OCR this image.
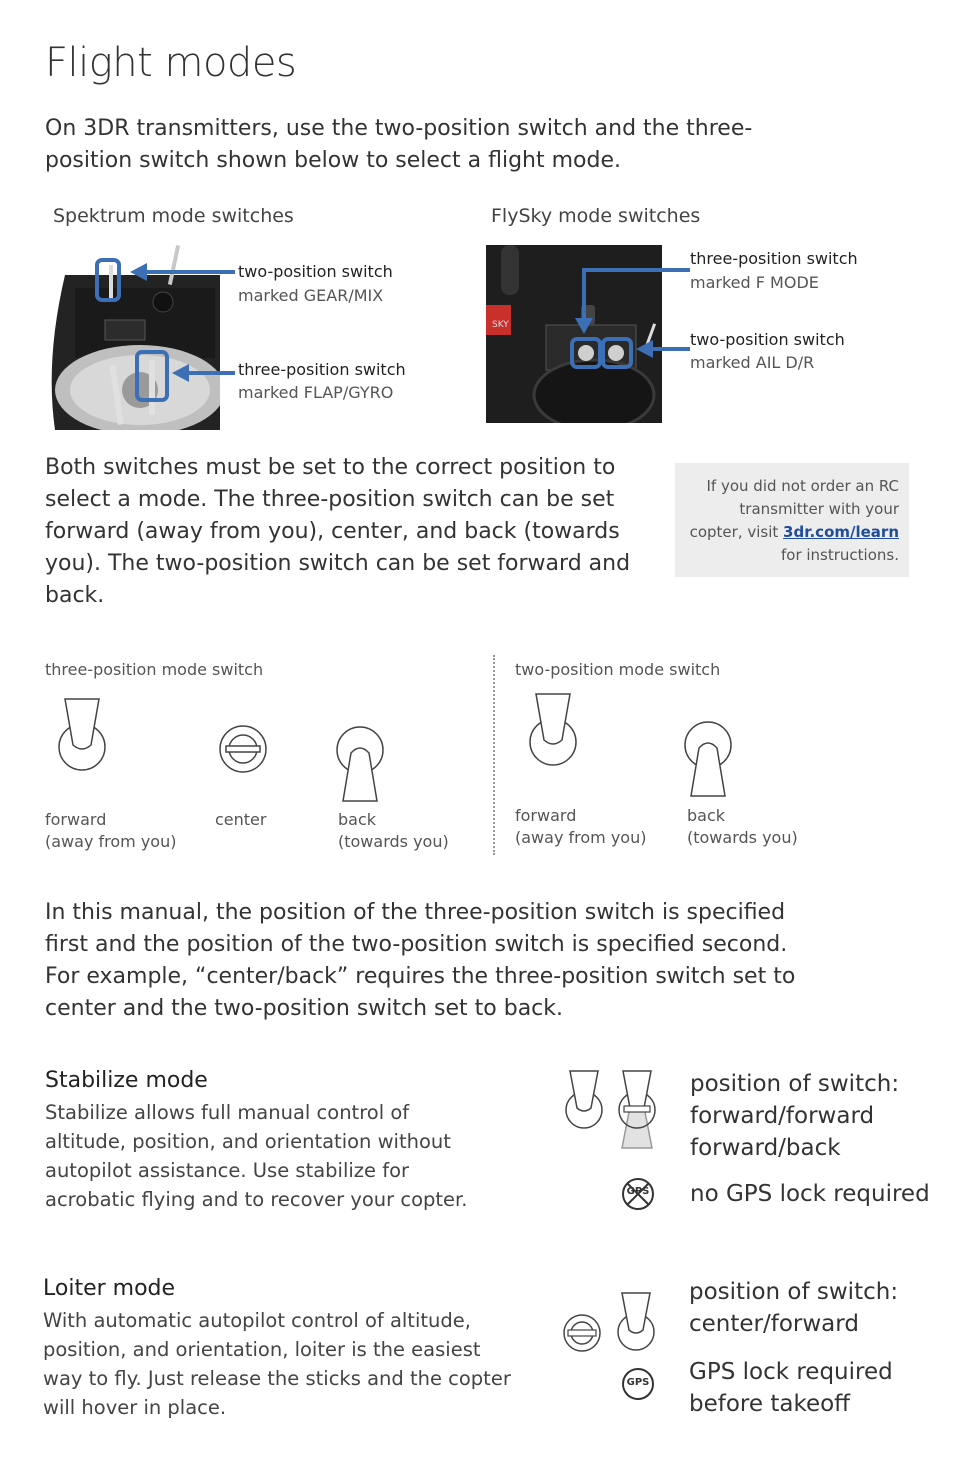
Flight modes
On 3DR transmitters, use the two-position switch and the three-position switch shown below to select a flight mode.
Spektrum mode switches
two-position switch
marked GEAR/MIX
three-position switch
marked FLAP/GYRO
FlySky mode switches
SKY
three-position switch
marked F MODE
two-position switch
marked AIL D/R
Both switches must be set to the correct position to select a mode. The three-position switch can be set forward (away from you), center, and back (towards you). The two-position switch can be set forward and back.
If you did not order an RC transmitter with your copter, visit 3dr.com/learn for instructions.
three-position mode switch	two-position mode switch
forward
(away from you)
center	back
(towards you)
forward
(away from you)
back
(towards you)
In this manual, the position of the three-position switch is specified first and the position of the two-position switch is specified second. For example, “center/back” requires the three-position switch set to center and the two-position switch set to back.
Stabilize mode
Stabilize allows full manual control of altitude, position, and orientation without autopilot assistance. Use stabilize for acrobatic flying and to recover your copter.
position of switch:
forward/forward
forward/back
GPS no GPS lock required
Loiter mode
With automatic autopilot control of altitude, position, and orientation, loiter is the easiest way to fly. Just release the sticks and the copter will hover in place.
position of switch:
center/forward
GPS GPS lock required
before takeoff
